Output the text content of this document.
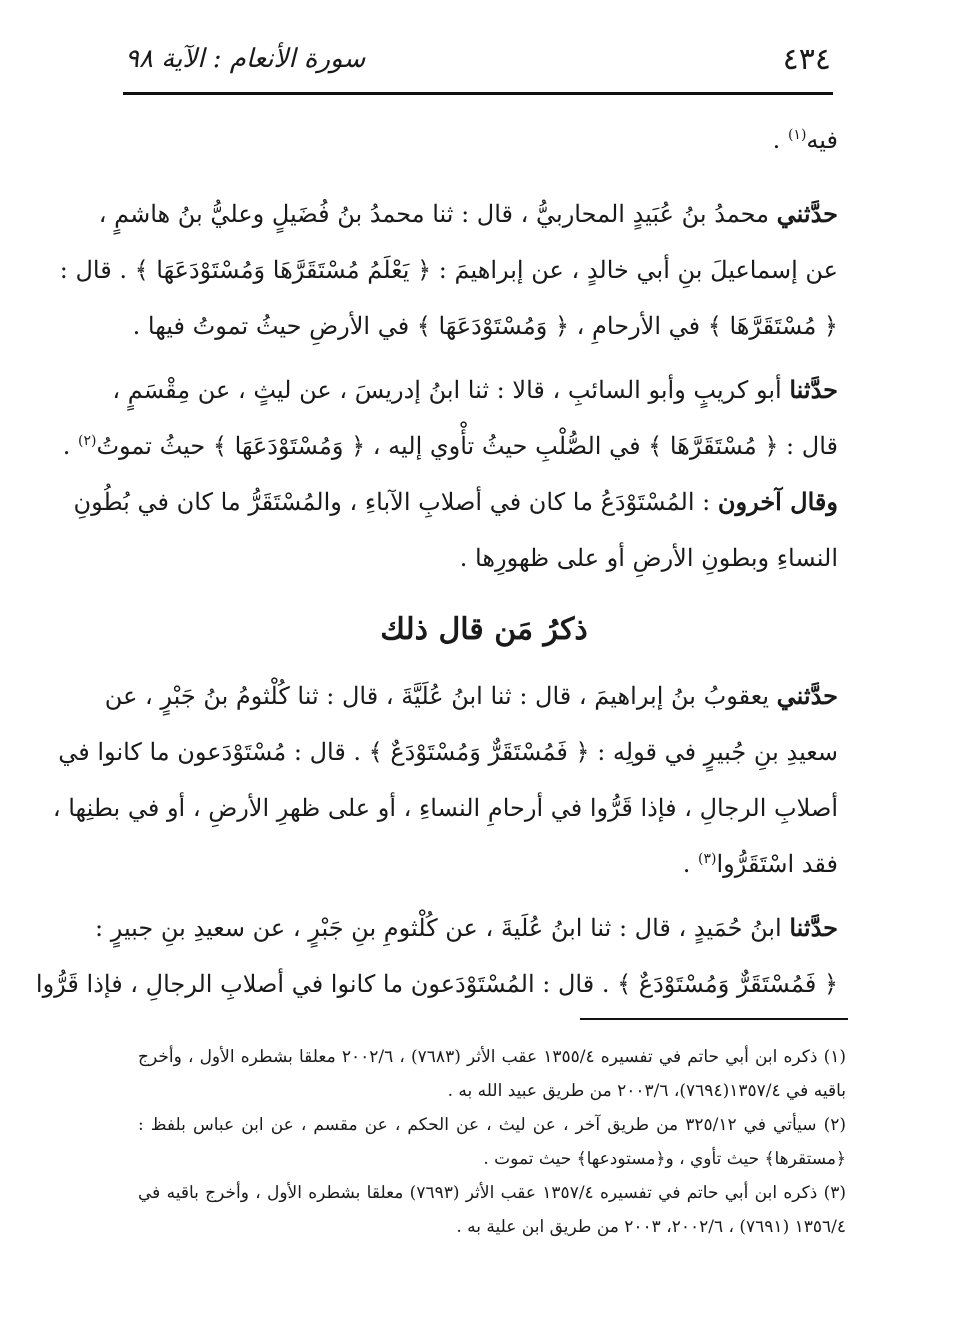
٤٣٤
سورة الأنعام : الآية ٩٨
فيه$^{(١)}$ .
حدَّثني محمدُ بنُ عُبَيدٍ المحاربيُّ ، قال : ثنا محمدُ بنُ فُضَيلٍ وعليُّ بنُ هاشمٍ ،
عن إسماعيلَ بنِ أبي خالدٍ ، عن إبراهيمَ : ﴿ يَعْلَمُ مُسْتَقَرَّهَا وَمُسْتَوْدَعَهَا ﴾ . قال :
﴿ مُسْتَقَرَّهَا ﴾ في الأرحامِ ، ﴿ وَمُسْتَوْدَعَهَا ﴾ في الأرضِ حيثُ تموتُ فيها .
حدَّثنا أبو كريبٍ وأبو السائبِ ، قالا : ثنا ابنُ إدريسَ ، عن ليثٍ ، عن مِقْسَمٍ ،
قال : ﴿ مُسْتَقَرَّهَا ﴾ في الصُّلْبِ حيثُ تأْوي إليه ، ﴿ وَمُسْتَوْدَعَهَا ﴾ حيثُ تموتُ$^{(٢)}$ .
وقال آخرون : المُسْتَوْدَعُ ما كان في أصلابِ الآباءِ ، والمُسْتَقَرُّ ما كان في بُطُونِ
النساءِ وبطونِ الأرضِ أو على ظهورِها .
ذكرُ مَن قال ذلك
حدَّثني يعقوبُ بنُ إبراهيمَ ، قال : ثنا ابنُ عُلَيَّةَ ، قال : ثنا كُلْثومُ بنُ جَبْرٍ ، عن
سعيدِ بنِ جُبيرٍ في قولِه : ﴿ فَمُسْتَقَرٌّ وَمُسْتَوْدَعٌ ﴾ . قال : مُسْتَوْدَعون ما كانوا في
أصلابِ الرجالِ ، فإذا قَرُّوا في أرحامِ النساءِ ، أو على ظهرِ الأرضِ ، أو في بطنِها ،
فقد اسْتَقَرُّوا$^{(٣)}$ .
حدَّثنا ابنُ حُمَيدٍ ، قال : ثنا ابنُ عُلَيةَ ، عن كُلْثومِ بنِ جَبْرٍ ، عن سعيدِ بنِ جبيرٍ :
﴿ فَمُسْتَقَرٌّ وَمُسْتَوْدَعٌ ﴾ . قال : المُسْتَوْدَعون ما كانوا في أصلابِ الرجالِ ، فإذا قَرُّوا
(١) ذكره ابن أبي حاتم في تفسيره ١٣٥٥/٤ عقب الأثر (٧٦٨٣) ، ٢٠٠٢/٦ معلقا بشطره الأول ، وأخرج
باقيه في ١٣٥٧/٤(٧٦٩٤)، ٢٠٠٣/٦ من طريق عبيد الله به .
(٢) سيأتي في ٣٢٥/١٢ من طريق آخر ، عن ليث ، عن الحكم ، عن مقسم ، عن ابن عباس بلفظ :
﴿مستقرها﴾ حيث تأوي ، و﴿مستودعها﴾ حيث تموت .
(٣) ذكره ابن أبي حاتم في تفسيره ١٣٥٧/٤ عقب الأثر (٧٦٩٣) معلقا بشطره الأول ، وأخرج باقيه في
١٣٥٦/٤ (٧٦٩١) ، ٢٠٠٢/٦، ٢٠٠٣ من طريق ابن علية به .
